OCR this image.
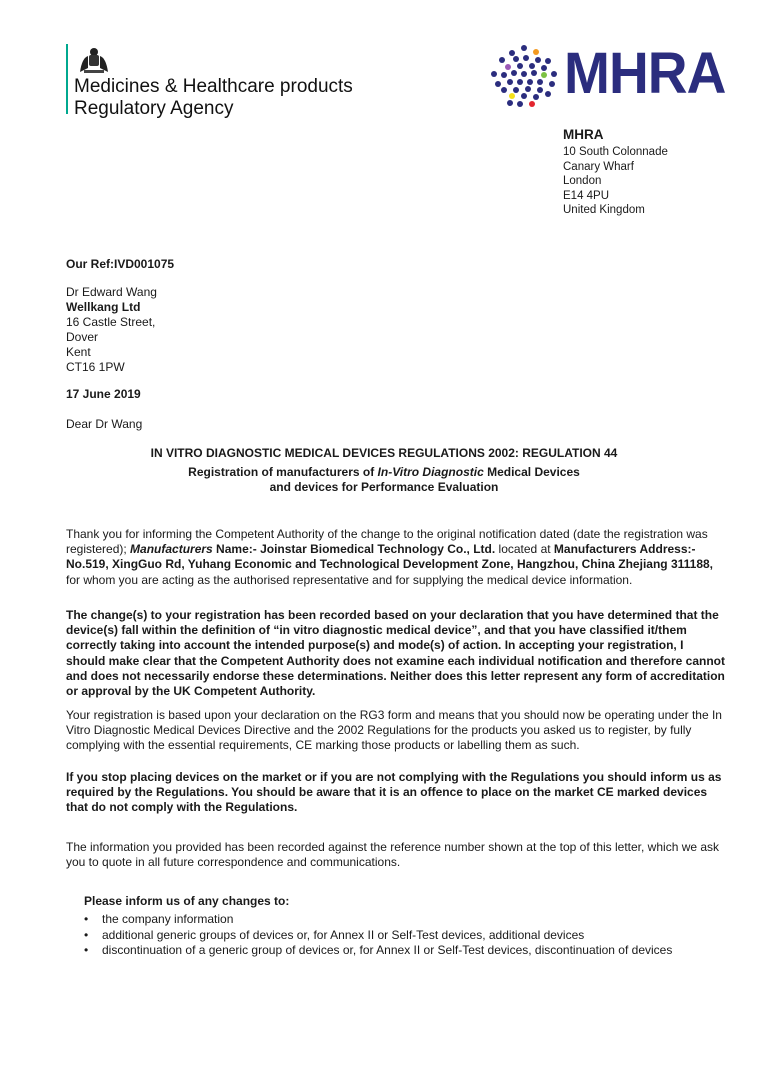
Medicines & Healthcare products
Regulatory Agency
MHRA
MHRA
10 South Colonnade
Canary Wharf
London
E14 4PU
United Kingdom
Our Ref:IVD001075
Dr Edward Wang
Wellkang Ltd
16 Castle Street,
Dover
Kent
CT16 1PW
17 June 2019
Dear Dr Wang
IN VITRO DIAGNOSTIC MEDICAL DEVICES REGULATIONS 2002: REGULATION 44
Registration of manufacturers of In-Vitro Diagnostic Medical Devices
and devices for Performance Evaluation
Thank you for informing the Competent Authority of the change to the original notification dated (date the registration was registered); Manufacturers Name:- Joinstar Biomedical Technology Co., Ltd. located at Manufacturers Address:- No.519, XingGuo Rd, Yuhang Economic and Technological Development Zone, Hangzhou, China Zhejiang 311188, for whom you are acting as the authorised representative and for supplying the medical device information.
The change(s) to your registration has been recorded based on your declaration that you have determined that the device(s) fall within the definition of “in vitro diagnostic medical device”, and that you have classified it/them correctly taking into account the intended purpose(s) and mode(s) of action. In accepting your registration, I should make clear that the Competent Authority does not examine each individual notification and therefore cannot and does not necessarily endorse these determinations. Neither does this letter represent any form of accreditation or approval by the UK Competent Authority.
Your registration is based upon your declaration on the RG3 form and means that you should now be operating under the In Vitro Diagnostic Medical Devices Directive and the 2002 Regulations for the products you asked us to register, by fully complying with the essential requirements, CE marking those products or labelling them as such.
If you stop placing devices on the market or if you are not complying with the Regulations you should inform us as required by the Regulations. You should be aware that it is an offence to place on the market CE marked devices that do not comply with the Regulations.
The information you provided has been recorded against the reference number shown at the top of this letter, which we ask you to quote in all future correspondence and communications.
Please inform us of any changes to:
• the company information
• additional generic groups of devices or, for Annex II or Self-Test devices, additional devices
• discontinuation of a generic group of devices or, for Annex II or Self-Test devices, discontinuation of devices
